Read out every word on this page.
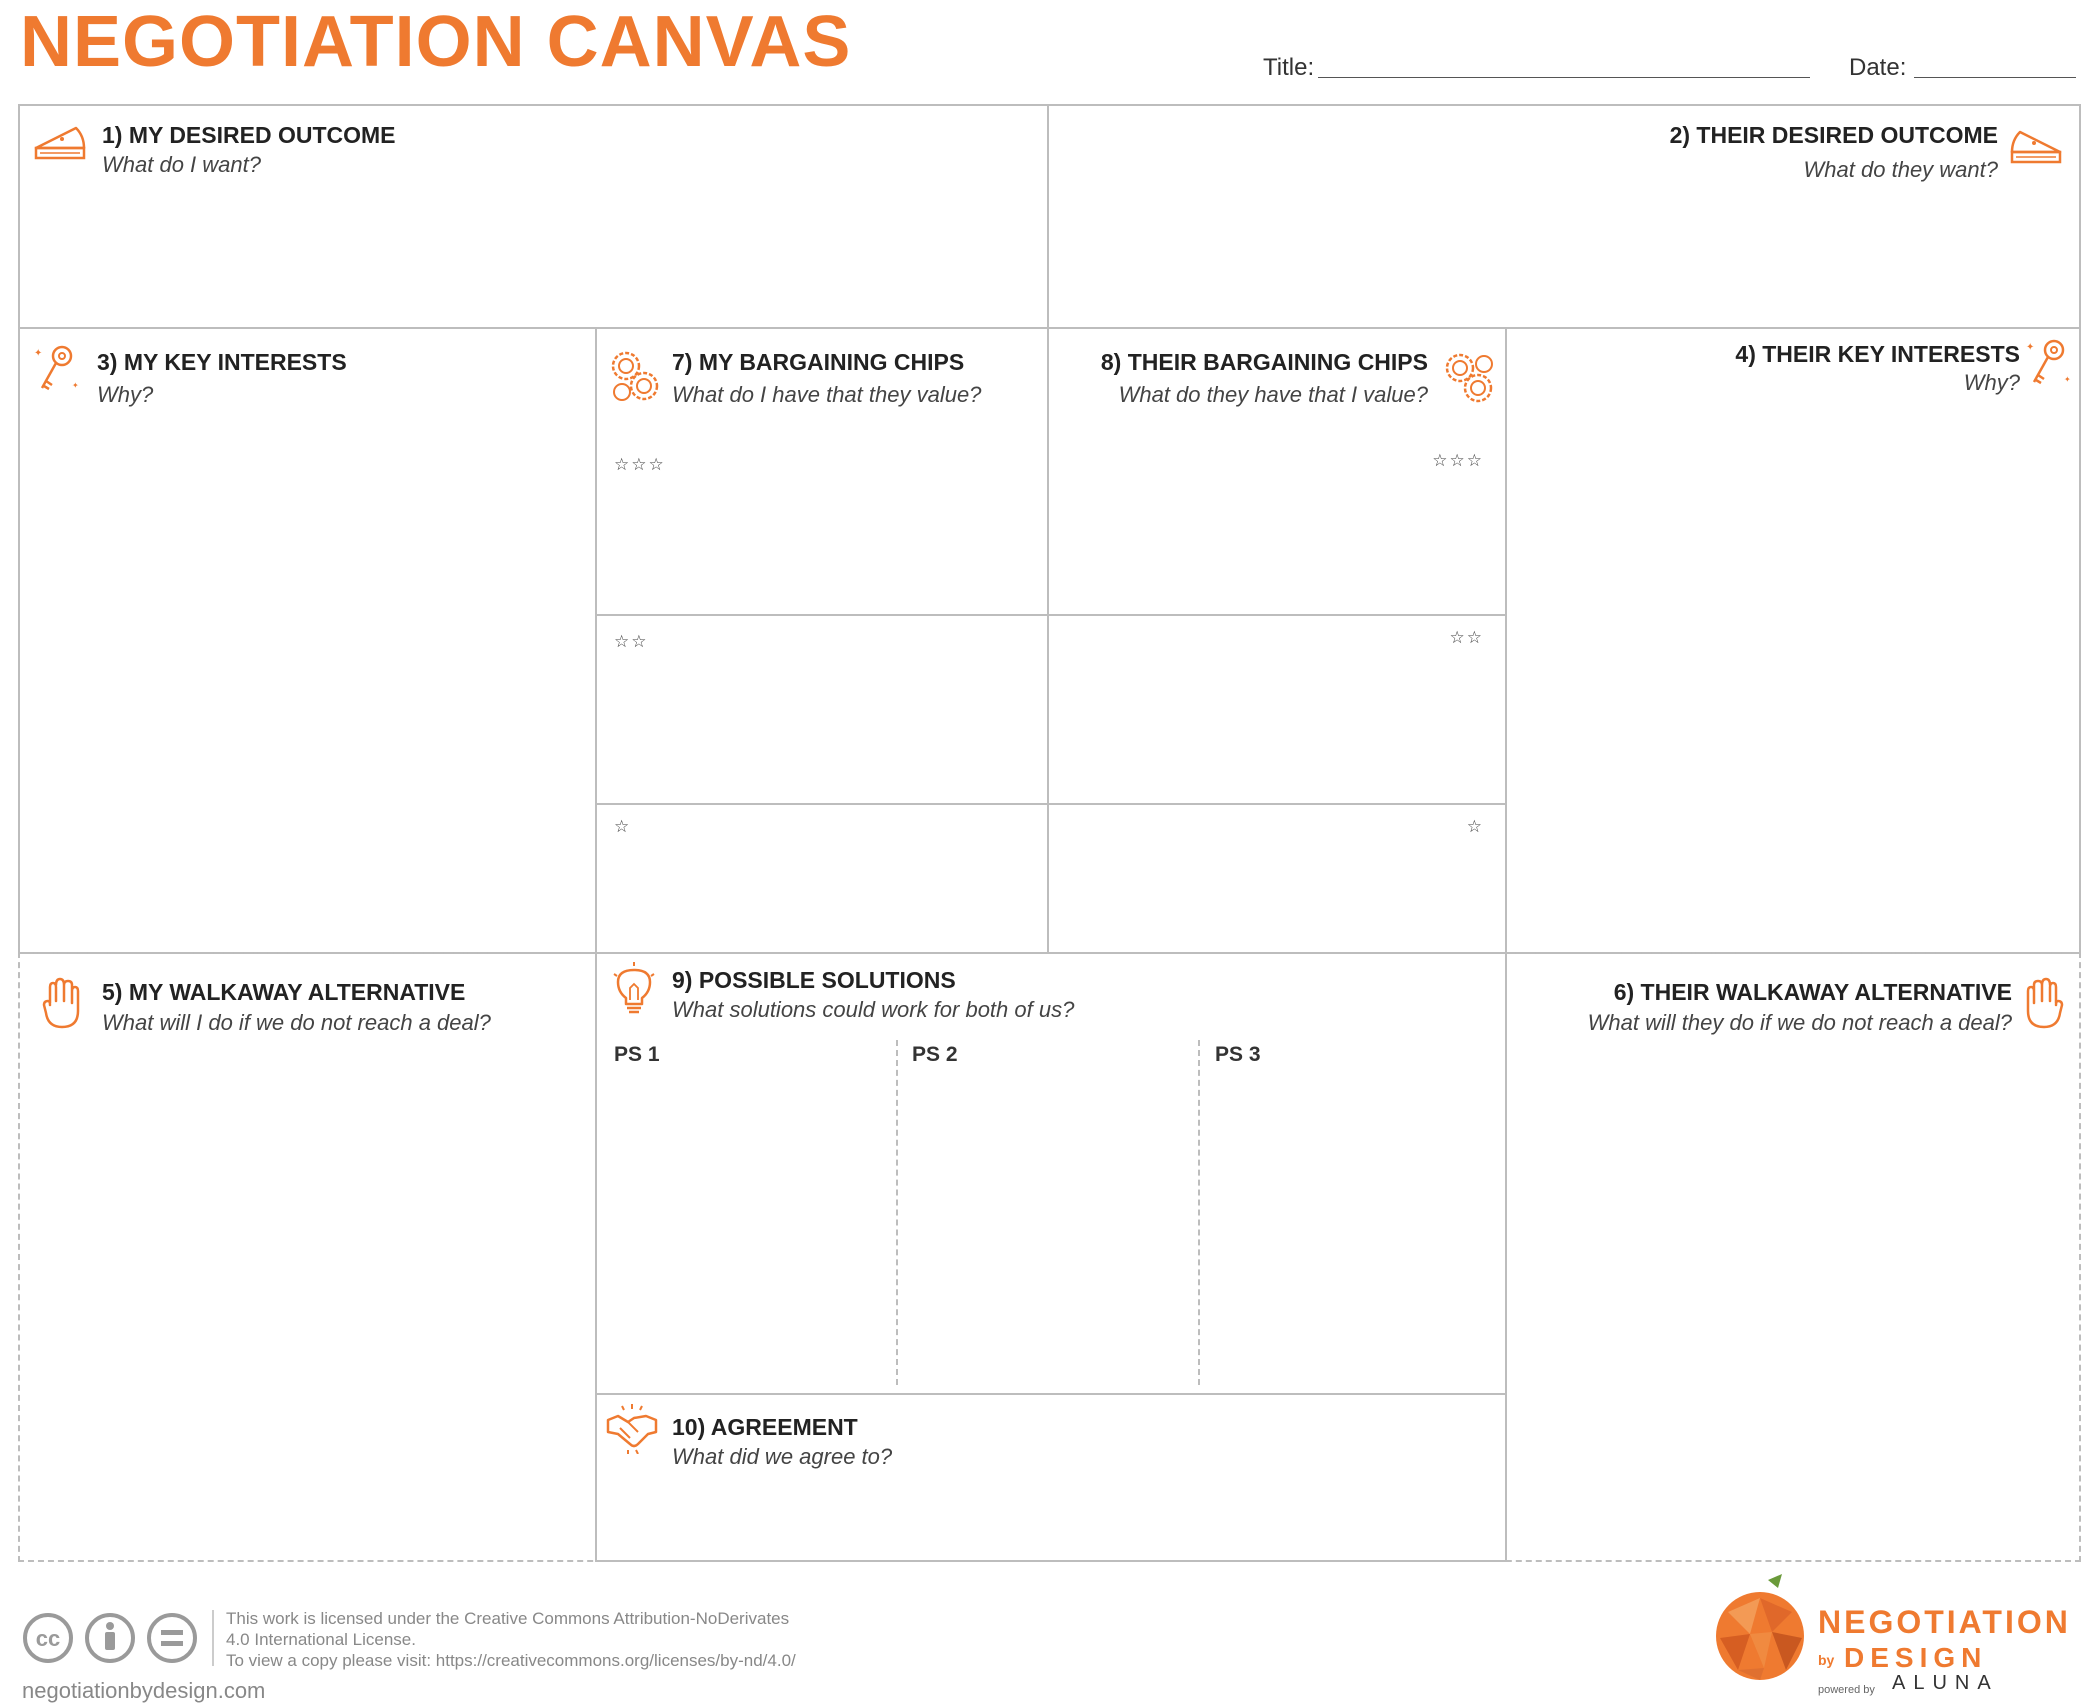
NEGOTIATION CANVAS	Title:	Date:
1) MY DESIRED OUTCOME
What do I want?
2) THEIR DESIRED OUTCOME
What do they want?
✦
✦
3) MY KEY INTERESTS
Why?
7) MY BARGAINING CHIPS
What do I have that they value?
☆☆☆
☆☆
☆
8) THEIR BARGAINING CHIPS
What do they have that I value?
☆☆☆
☆☆
☆
✦
✦
4) THEIR KEY INTERESTS
Why?
5) MY WALKAWAY ALTERNATIVE
What will I do if we do not reach a deal?
9) POSSIBLE SOLUTIONS
What solutions could work for both of us?
PS 1	PS 2	PS 3
10) AGREEMENT
What did we agree to?
6) THEIR WALKAWAY ALTERNATIVE
What will they do if we do not reach a deal?
cc
This work is licensed under the Creative Commons Attribution-NoDerivates
4.0 International License.
To view a copy please visit: https://creativecommons.org/licenses/by-nd/4.0/
negotiationbydesign.com
NEGOTIATION
by DESIGN
powered by ALUNA
